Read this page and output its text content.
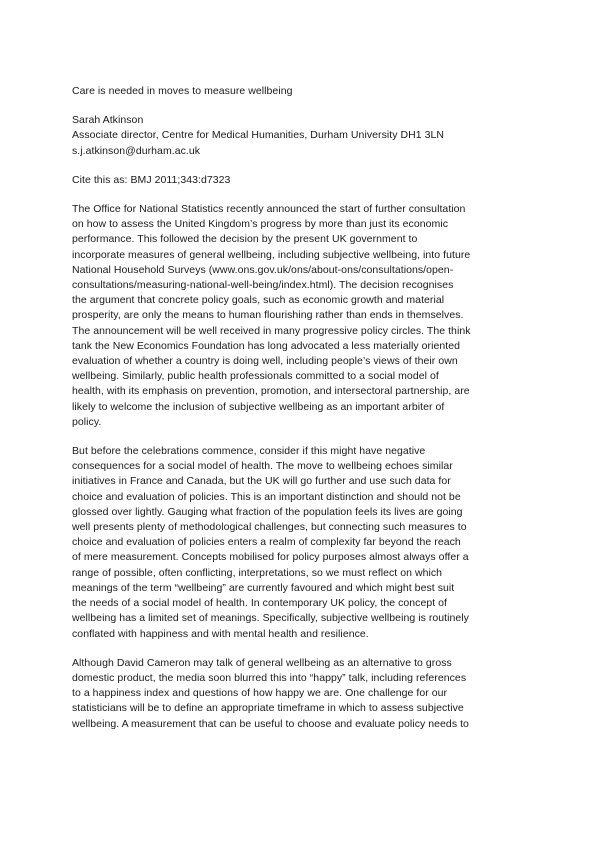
Care is needed in moves to measure wellbeing
Sarah Atkinson
Associate director, Centre for Medical Humanities, Durham University DH1 3LN
s.j.atkinson@durham.ac.uk
Cite this as: BMJ 2011;343:d7323
The Office for National Statistics recently announced the start of further consultation
on how to assess the United Kingdom’s progress by more than just its economic
performance. This followed the decision by the present UK government to
incorporate measures of general wellbeing, including subjective wellbeing, into future
National Household Surveys (www.ons.gov.uk/ons/about-ons/consultations/open-
consultations/measuring-national-well-being/index.html). The decision recognises
the argument that concrete policy goals, such as economic growth and material
prosperity, are only the means to human flourishing rather than ends in themselves.
The announcement will be well received in many progressive policy circles. The think
tank the New Economics Foundation has long advocated a less materially oriented
evaluation of whether a country is doing well, including people’s views of their own
wellbeing. Similarly, public health professionals committed to a social model of
health, with its emphasis on prevention, promotion, and intersectoral partnership, are
likely to welcome the inclusion of subjective wellbeing as an important arbiter of
policy.
But before the celebrations commence, consider if this might have negative
consequences for a social model of health. The move to wellbeing echoes similar
initiatives in France and Canada, but the UK will go further and use such data for
choice and evaluation of policies. This is an important distinction and should not be
glossed over lightly. Gauging what fraction of the population feels its lives are going
well presents plenty of methodological challenges, but connecting such measures to
choice and evaluation of policies enters a realm of complexity far beyond the reach
of mere measurement. Concepts mobilised for policy purposes almost always offer a
range of possible, often conflicting, interpretations, so we must reflect on which
meanings of the term “wellbeing” are currently favoured and which might best suit
the needs of a social model of health. In contemporary UK policy, the concept of
wellbeing has a limited set of meanings. Specifically, subjective wellbeing is routinely
conflated with happiness and with mental health and resilience.
Although David Cameron may talk of general wellbeing as an alternative to gross
domestic product, the media soon blurred this into “happy” talk, including references
to a happiness index and questions of how happy we are. One challenge for our
statisticians will be to define an appropriate timeframe in which to assess subjective
wellbeing. A measurement that can be useful to choose and evaluate policy needs to
